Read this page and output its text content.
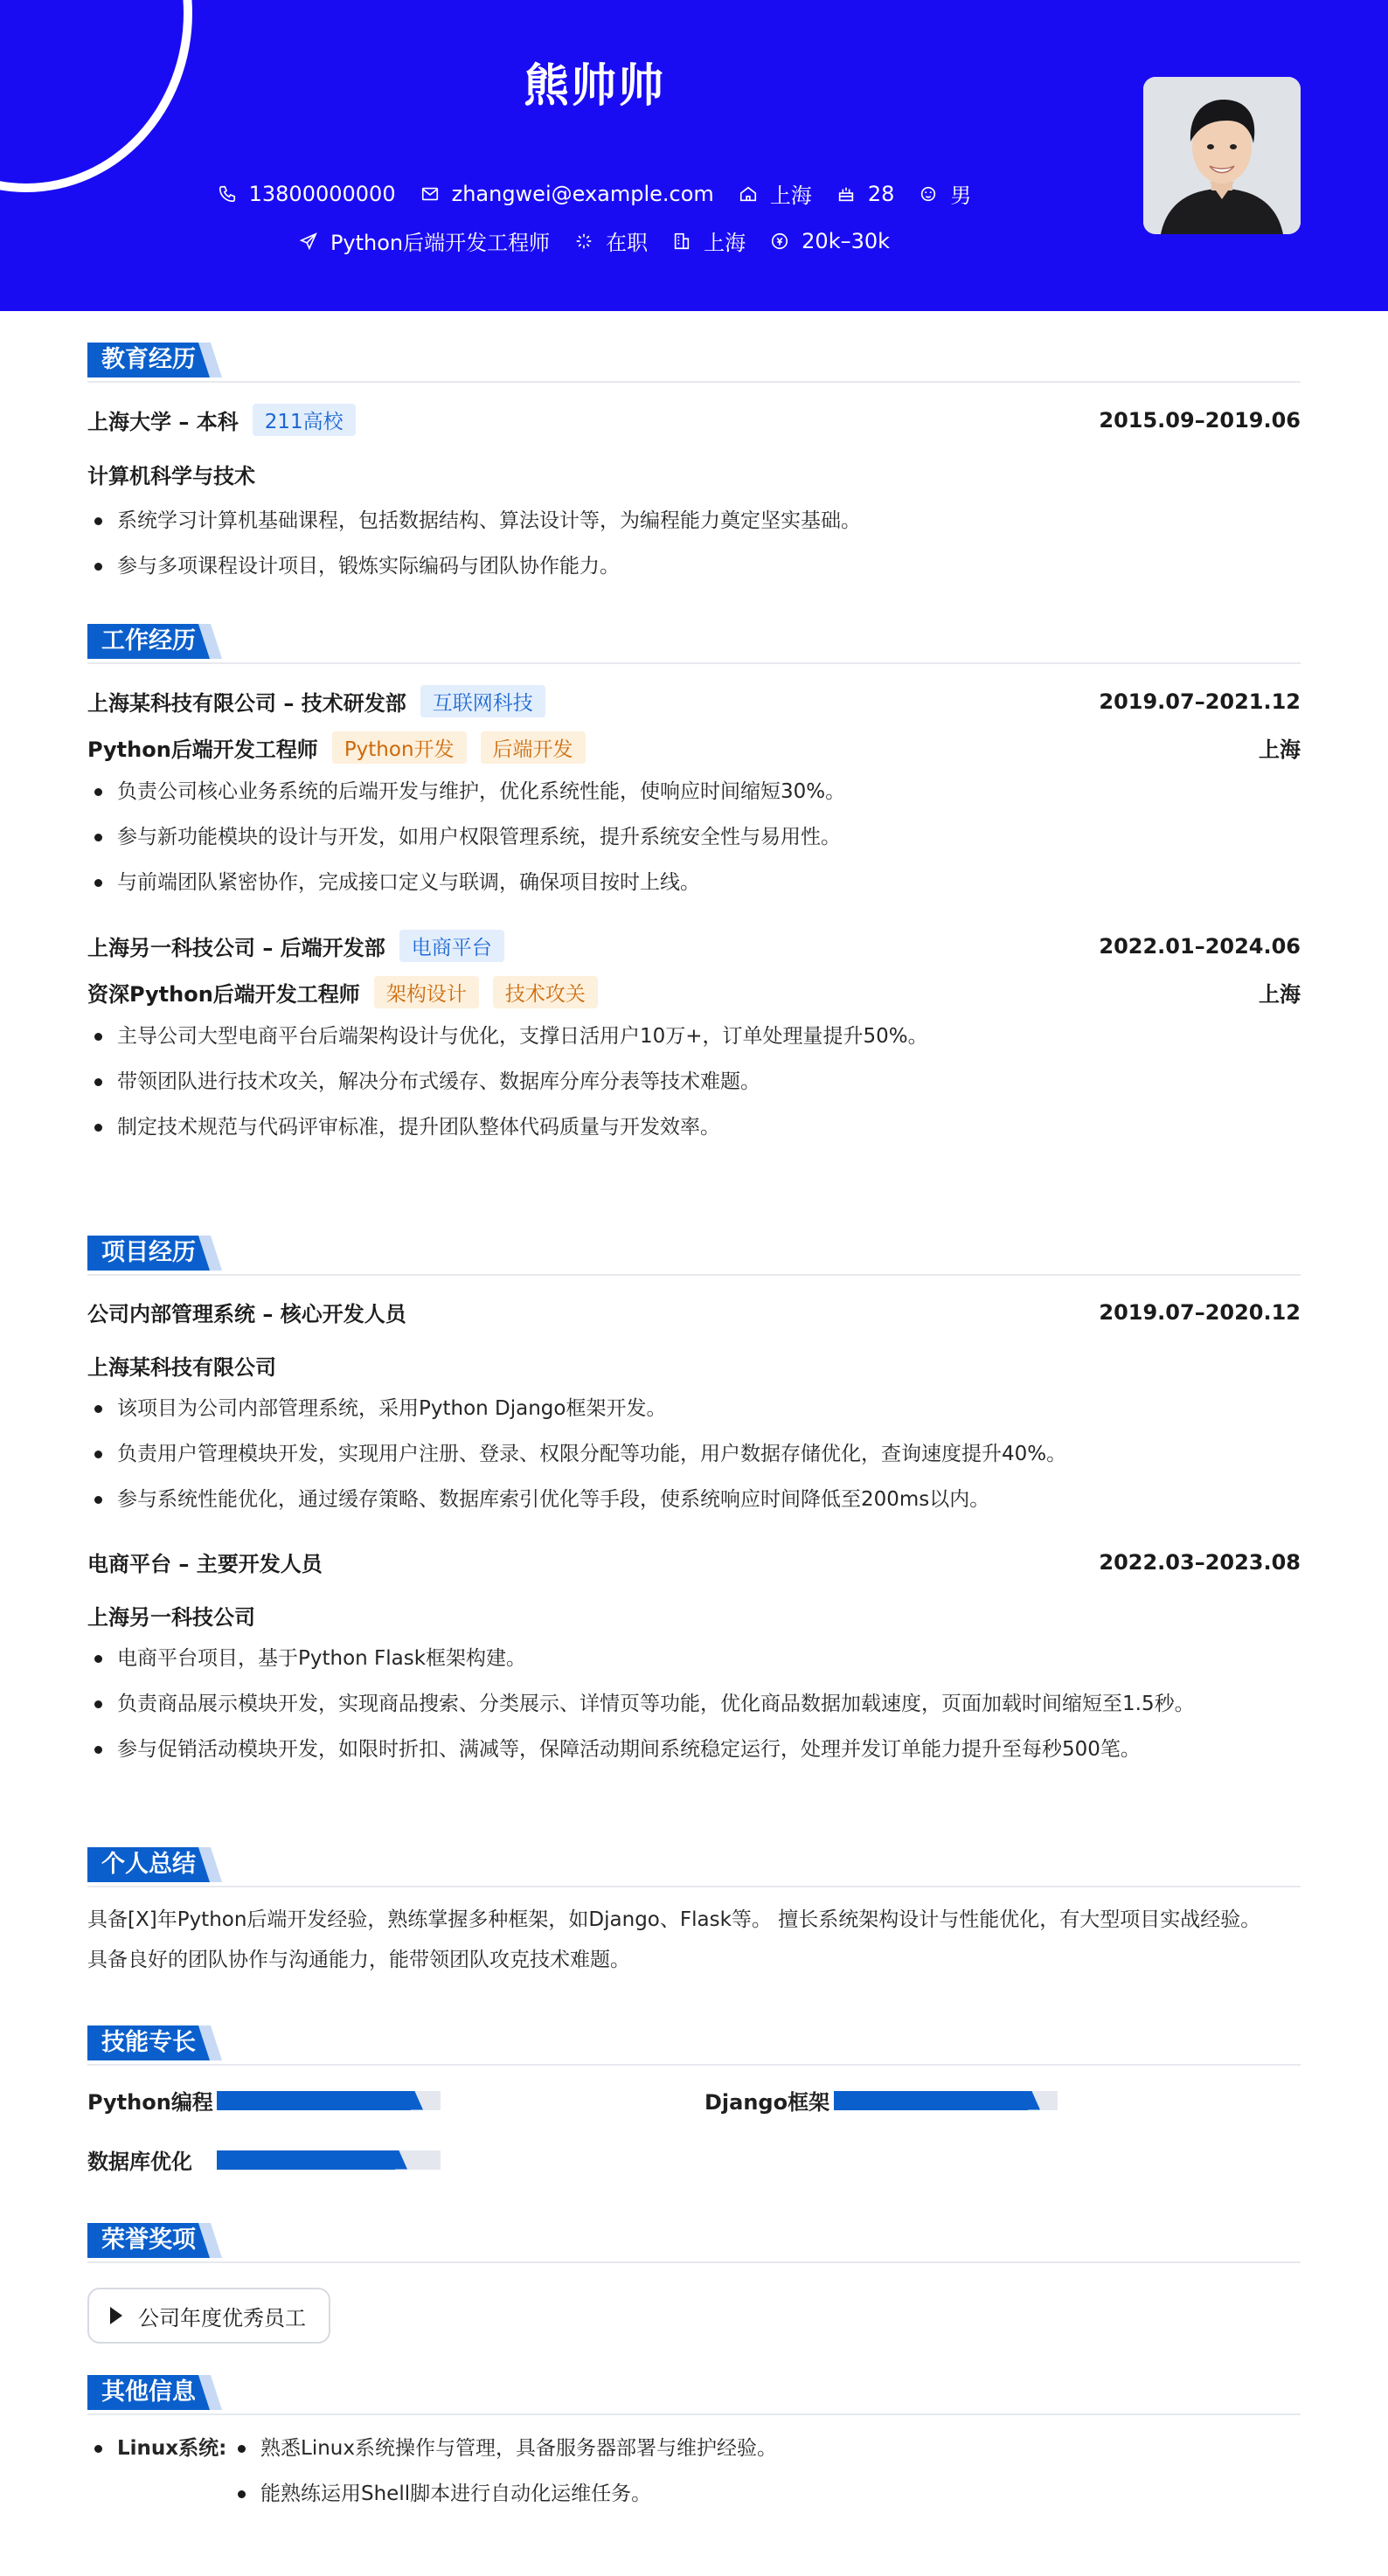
熊帅帅
13800000000	zhangwei@example.com	上海	28	男
Python后端开发工程师	在职	上海	20k–30k
教育经历
上海大学 – 本科	211高校	2015.09–2019.06
计算机科学与技术
系统学习计算机基础课程，包括数据结构、算法设计等，为编程能力奠定坚实基础。
参与多项课程设计项目，锻炼实际编码与团队协作能力。
工作经历
上海某科技有限公司 – 技术研发部	互联网科技	2019.07–2021.12
Python后端开发工程师	Python开发	后端开发	上海
负责公司核心业务系统的后端开发与维护，优化系统性能，使响应时间缩短30%。
参与新功能模块的设计与开发，如用户权限管理系统，提升系统安全性与易用性。
与前端团队紧密协作，完成接口定义与联调，确保项目按时上线。
上海另一科技公司 – 后端开发部	电商平台	2022.01–2024.06
资深Python后端开发工程师	架构设计	技术攻关	上海
主导公司大型电商平台后端架构设计与优化，支撑日活用户10万+，订单处理量提升50%。
带领团队进行技术攻关，解决分布式缓存、数据库分库分表等技术难题。
制定技术规范与代码评审标准，提升团队整体代码质量与开发效率。
项目经历
公司内部管理系统 – 核心开发人员	2019.07–2020.12
上海某科技有限公司
该项目为公司内部管理系统，采用Python Django框架开发。
负责用户管理模块开发，实现用户注册、登录、权限分配等功能，用户数据存储优化，查询速度提升40%。
参与系统性能优化，通过缓存策略、数据库索引优化等手段，使系统响应时间降低至200ms以内。
电商平台 – 主要开发人员	2022.03–2023.08
上海另一科技公司
电商平台项目，基于Python Flask框架构建。
负责商品展示模块开发，实现商品搜索、分类展示、详情页等功能，优化商品数据加载速度，页面加载时间缩短至1.5秒。
参与促销活动模块开发，如限时折扣、满减等，保障活动期间系统稳定运行，处理并发订单能力提升至每秒500笔。
个人总结
具备[X]年Python后端开发经验，熟练掌握多种框架，如Django、Flask等。 擅长系统架构设计与性能优化，有大型项目实战经验。
具备良好的团队协作与沟通能力，能带领团队攻克技术难题。
技能专长
Python编程	Django框架
数据库优化
荣誉奖项
公司年度优秀员工
其他信息
Linux系统:	熟悉Linux系统操作与管理，具备服务器部署与维护经验。
能熟练运用Shell脚本进行自动化运维任务。
